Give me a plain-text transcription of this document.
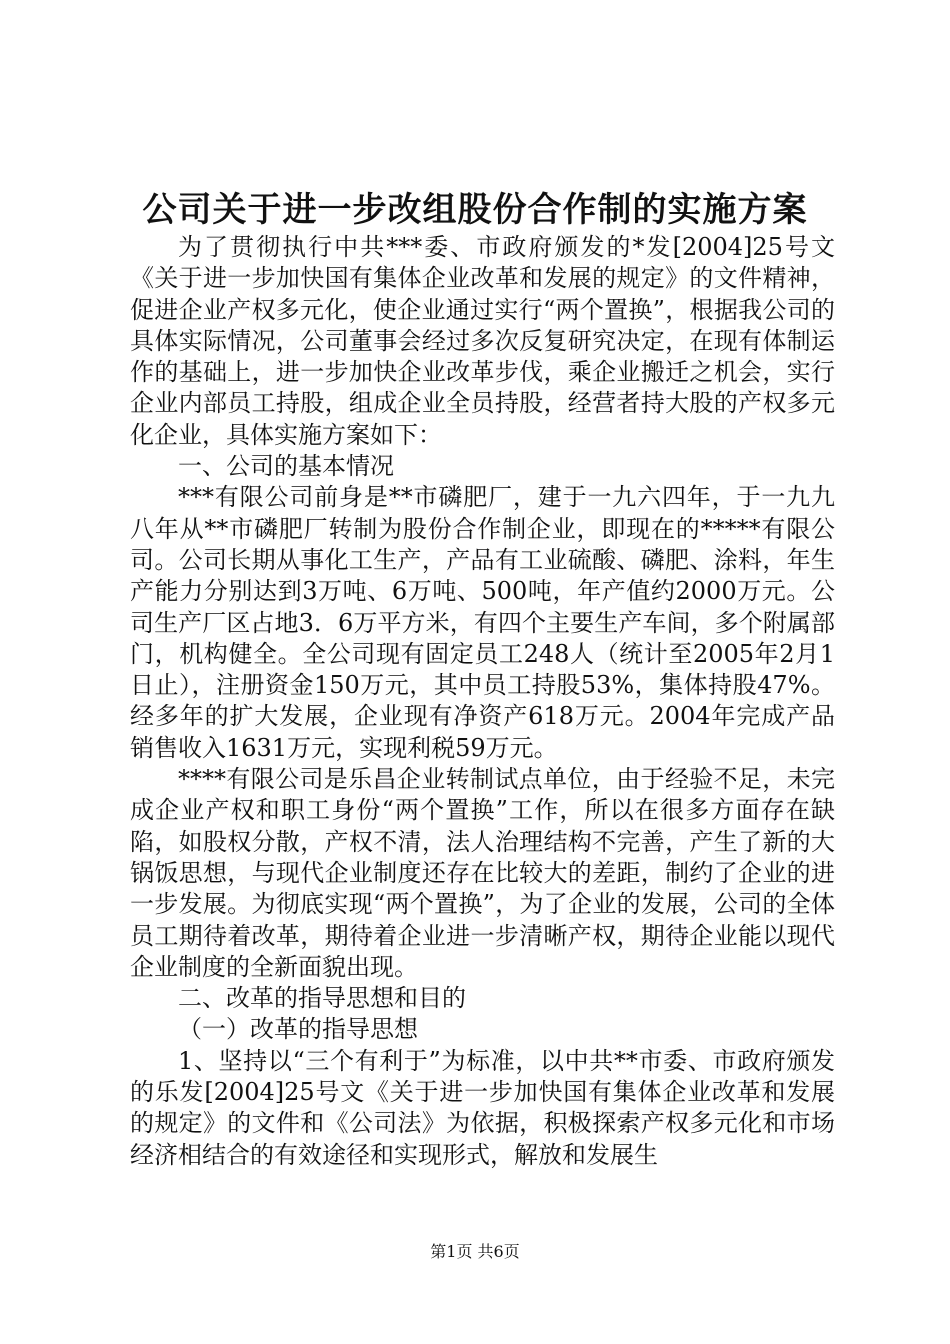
公司关于进一步改组股份合作制的实施方案

为了贯彻执行中共***委、市政府颁发的*发[2004]25号文《关于进一步加快国有集体企业改革和发展的规定》的文件精神，促进企业产权多元化，使企业通过实行“两个置换”，根据我公司的具体实际情况，公司董事会经过多次反复研究决定，在现有体制运作的基础上，进一步加快企业改革步伐，乘企业搬迁之机会，实行企业内部员工持股，组成企业全员持股，经营者持大股的产权多元化企业，具体实施方案如下：

一、公司的基本情况

***有限公司前身是**市磷肥厂，建于一九六四年，于一九九八年从**市磷肥厂转制为股份合作制企业，即现在的*****有限公司。公司长期从事化工生产，产品有工业硫酸、磷肥、涂料，年生产能力分别达到3万吨、6万吨、500吨，年产值约2000万元。公司生产厂区占地3．6万平方米，有四个主要生产车间，多个附属部门，机构健全。全公司现有固定员工248人（统计至2005年2月1日止），注册资金150万元，其中员工持股53%，集体持股47%。经多年的扩大发展，企业现有净资产618万元。2004年完成产品销售收入1631万元，实现利税59万元。

****有限公司是乐昌企业转制试点单位，由于经验不足，未完成企业产权和职工身份“两个置换”工作，所以在很多方面存在缺陷，如股权分散，产权不清，法人治理结构不完善，产生了新的大锅饭思想，与现代企业制度还存在比较大的差距，制约了企业的进一步发展。为彻底实现“两个置换”，为了企业的发展，公司的全体员工期待着改革，期待着企业进一步清晰产权，期待企业能以现代企业制度的全新面貌出现。

二、改革的指导思想和目的

（一）改革的指导思想

1、坚持以“三个有利于”为标准，以中共**市委、市政府颁发的乐发[2004]25号文《关于进一步加快国有集体企业改革和发展的规定》的文件和《公司法》为依据，积极探索产权多元化和市场经济相结合的有效途径和实现形式，解放和发展生

第1页 共6页
